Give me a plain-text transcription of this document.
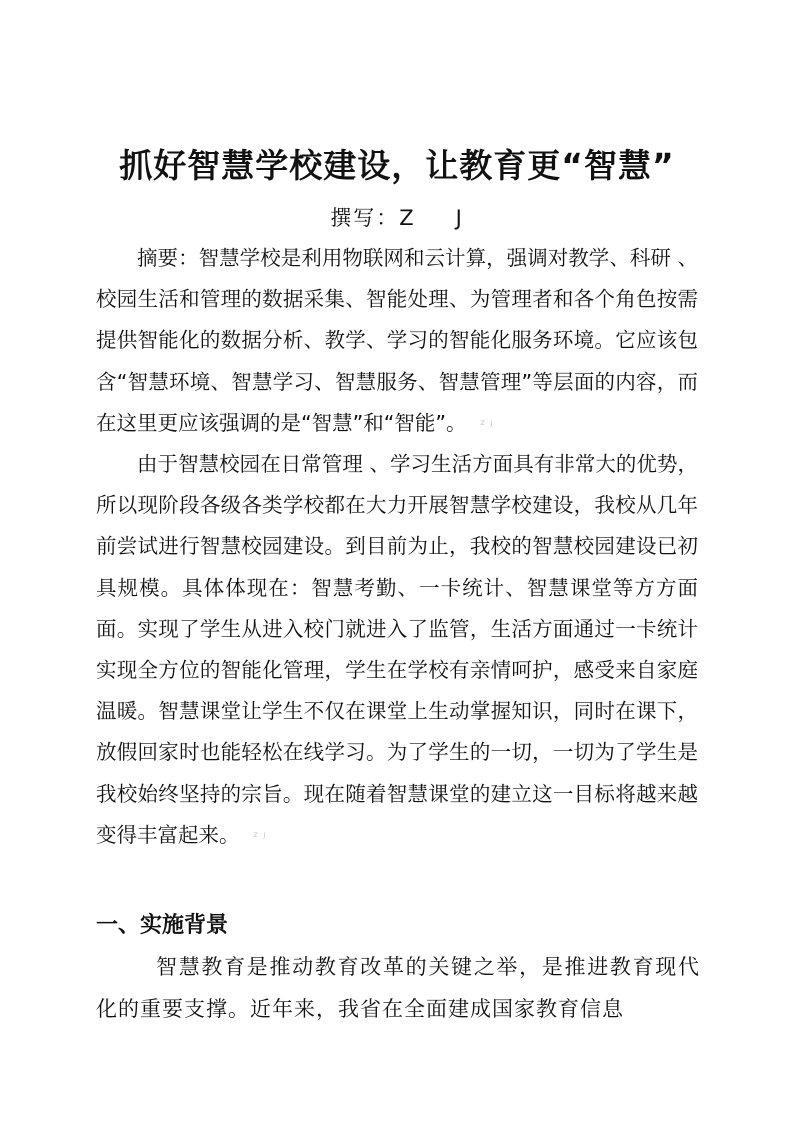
抓好智慧学校建设，让教育更“智慧”
撰写：Z J

摘要：智慧学校是利用物联网和云计算，强调对教学、科研 、校园生活和管理的数据采集、智能处理、为管理者和各个角色按需提供智能化的数据分析、教学、学习的智能化服务环境。它应该包含“智慧环境、智慧学习、智慧服务、智慧管理”等层面的内容，而在这里更应该强调的是“智慧”和“智能”。 Z J

由于智慧校园在日常管理 、学习生活方面具有非常大的优势，所以现阶段各级各类学校都在大力开展智慧学校建设，我校从几年前尝试进行智慧校园建设。到目前为止，我校的智慧校园建设已初具规模。具体体现在：智慧考勤、一卡统计、智慧课堂等方方面面。实现了学生从进入校门就进入了监管，生活方面通过一卡统计实现全方位的智能化管理，学生在学校有亲情呵护，感受来自家庭温暖。智慧课堂让学生不仅在课堂上生动掌握知识，同时在课下，放假回家时也能轻松在线学习。为了学生的一切，一切为了学生是我校始终坚持的宗旨。现在随着智慧课堂的建立这一目标将越来越变得丰富起来。 Z J

一、实施背景

智慧教育是推动教育改革的关键之举，是推进教育现代化的重要支撑。近年来，我省在全面建成国家教育信息
